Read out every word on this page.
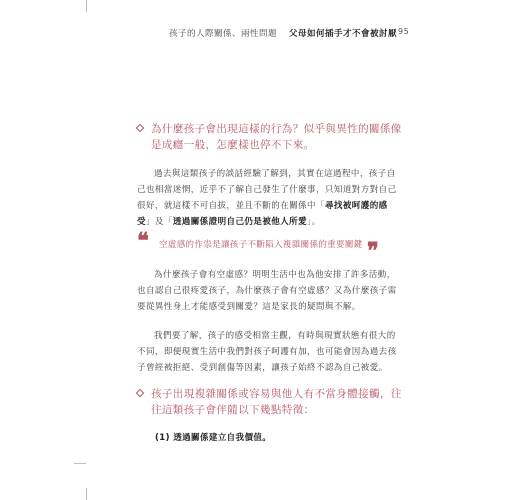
孩子的人際關係、兩性問題 父母如何插手才不會被討厭 95
為什麼孩子會出現這樣的行為？似乎與異性的關係像是成癮一般，怎麼樣也停不下來。

過去與這類孩子的談話經驗了解到，其實在這過程中，孩子自己也相當迷惘，近乎不了解自己發生了什麼事，只知道對方對自己很好，就這樣不可自拔，並且不斷的在關係中「尋找被呵護的感受」及「透過關係證明自己仍是被他人所愛」。

❝ 空虛感的作祟是讓孩子不斷陷入複雜關係的重要關鍵 ❞

為什麼孩子會有空虛感？明明生活中也為他安排了許多活動，也自認自己很疼愛孩子，為什麼孩子會有空虛感？又為什麼孩子需要從異性身上才能感受到關愛？這是家長的疑問與不解。

我們要了解，孩子的感受相當主觀，有時與現實狀態有很大的不同，即便現實生活中我們對孩子呵護有加，也可能會因為過去孩子曾經被拒絕、受到創傷等因素，讓孩子始終不認為自己被愛。

孩子出現複雜關係或容易與他人有不當身體接觸，往往這類孩子會伴隨以下幾點特徵：
(1) 透過關係建立自我價值。
